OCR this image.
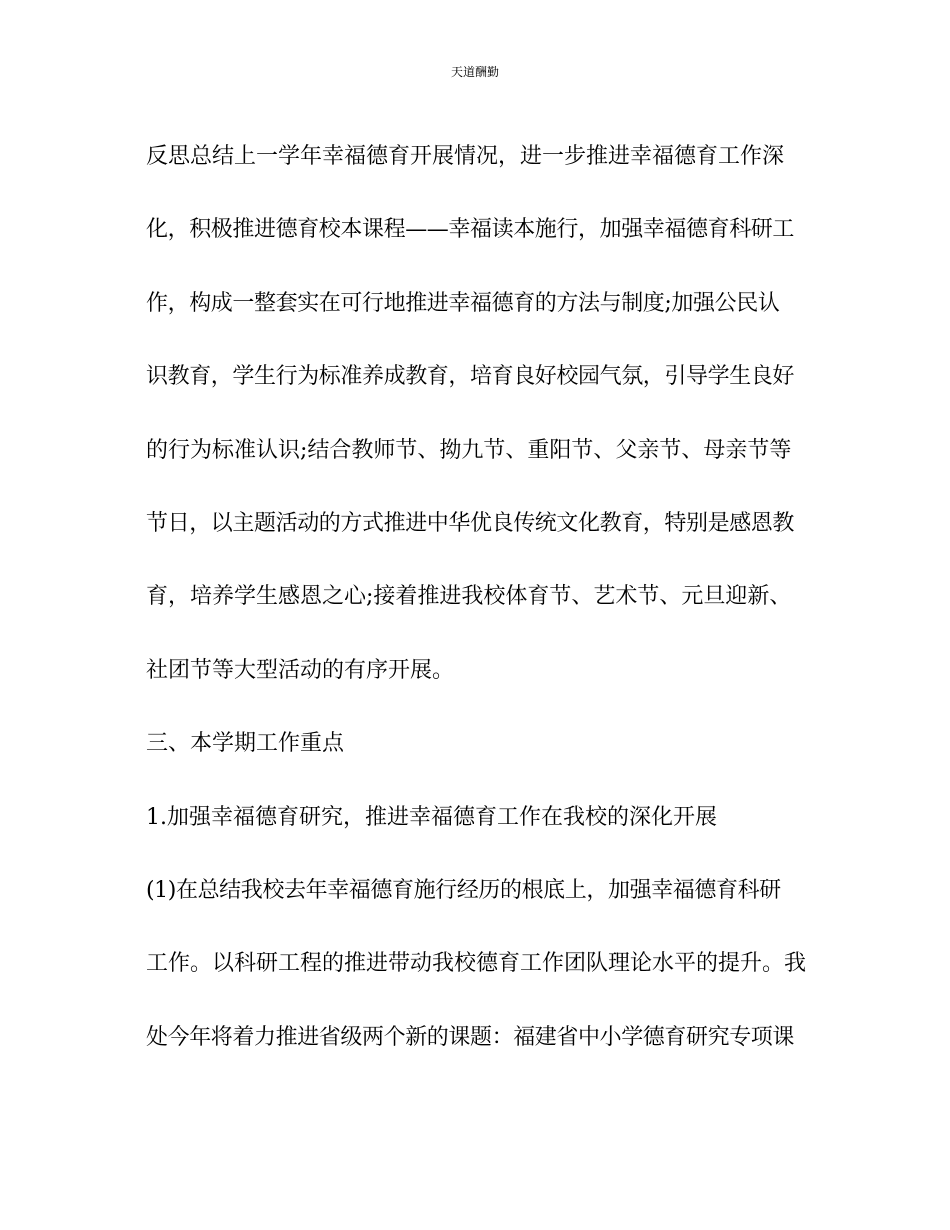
天道酬勤
反思总结上一学年幸福德育开展情况，进一步推进幸福德育工作深
化，积极推进德育校本课程——幸福读本施行，加强幸福德育科研工
作，构成一整套实在可行地推进幸福德育的方法与制度;加强公民认
识教育，学生行为标准养成教育，培育良好校园气氛，引导学生良好
的行为标准认识;结合教师节、拗九节、重阳节、父亲节、母亲节等
节日，以主题活动的方式推进中华优良传统文化教育，特别是感恩教
育，培养学生感恩之心;接着推进我校体育节、艺术节、元旦迎新、
社团节等大型活动的有序开展。
三、本学期工作重点
1.加强幸福德育研究，推进幸福德育工作在我校的深化开展
(1)在总结我校去年幸福德育施行经历的根底上，加强幸福德育科研
工作。以科研工程的推进带动我校德育工作团队理论水平的提升。我
处今年将着力推进省级两个新的课题：福建省中小学德育研究专项课
